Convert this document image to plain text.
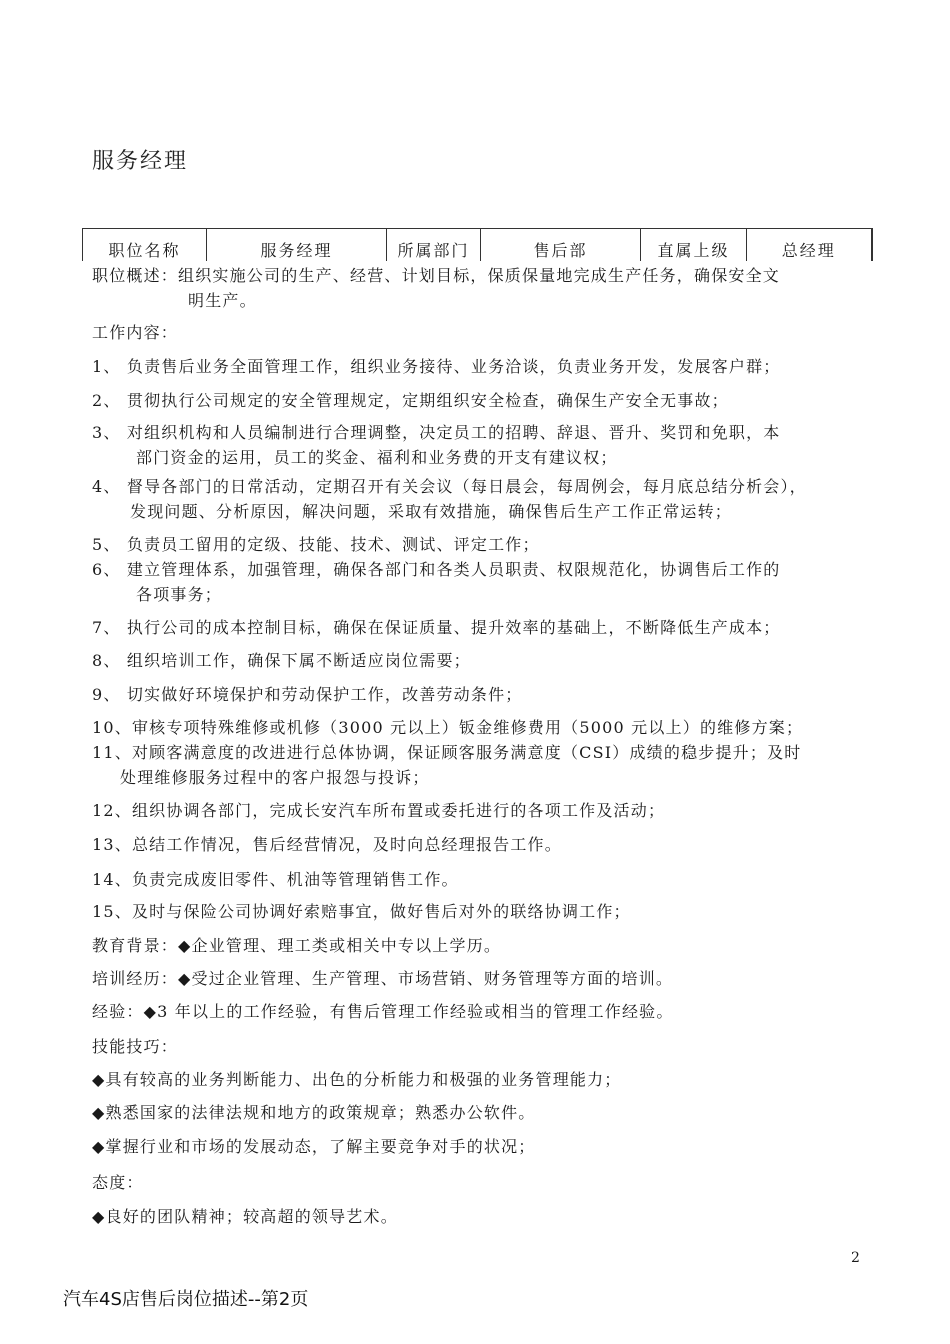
服务经理
职位名称	服务经理	所属部门	售后部	直属上级	总经理
职位概述：组织实施公司的生产、经营、计划目标，保质保量地完成生产任务，确保安全文
明生产。
工作内容：
1、 负责售后业务全面管理工作，组织业务接待、业务洽谈，负责业务开发，发展客户群；
2、 贯彻执行公司规定的安全管理规定，定期组织安全检查，确保生产安全无事故；
3、 对组织机构和人员编制进行合理调整，决定员工的招聘、辞退、晋升、奖罚和免职，本
部门资金的运用，员工的奖金、福利和业务费的开支有建议权；
4、 督导各部门的日常活动，定期召开有关会议（每日晨会，每周例会，每月底总结分析会），
发现问题、分析原因，解决问题，采取有效措施，确保售后生产工作正常运转；
5、 负责员工留用的定级、技能、技术、测试、评定工作；
6、 建立管理体系，加强管理，确保各部门和各类人员职责、权限规范化，协调售后工作的
各项事务；
7、 执行公司的成本控制目标，确保在保证质量、提升效率的基础上，不断降低生产成本；
8、 组织培训工作，确保下属不断适应岗位需要；
9、 切实做好环境保护和劳动保护工作，改善劳动条件；
10、审核专项特殊维修或机修（3000 元以上）钣金维修费用（5000 元以上）的维修方案；
11、对顾客满意度的改进进行总体协调，保证顾客服务满意度（CSI）成绩的稳步提升；及时
处理维修服务过程中的客户报怨与投诉；
12、组织协调各部门，完成长安汽车所布置或委托进行的各项工作及活动；
13、总结工作情况，售后经营情况，及时向总经理报告工作。
14、负责完成废旧零件、机油等管理销售工作。
15、及时与保险公司协调好索赔事宜，做好售后对外的联络协调工作；
教育背景：◆企业管理、理工类或相关中专以上学历。
培训经历：◆受过企业管理、生产管理、市场营销、财务管理等方面的培训。
经验：◆3 年以上的工作经验，有售后管理工作经验或相当的管理工作经验。
技能技巧：
◆具有较高的业务判断能力、出色的分析能力和极强的业务管理能力；
◆熟悉国家的法律法规和地方的政策规章；熟悉办公软件。
◆掌握行业和市场的发展动态，了解主要竞争对手的状况；
态度：
◆良好的团队精神；较高超的领导艺术。
2
汽车4S店售后岗位描述--第2页
